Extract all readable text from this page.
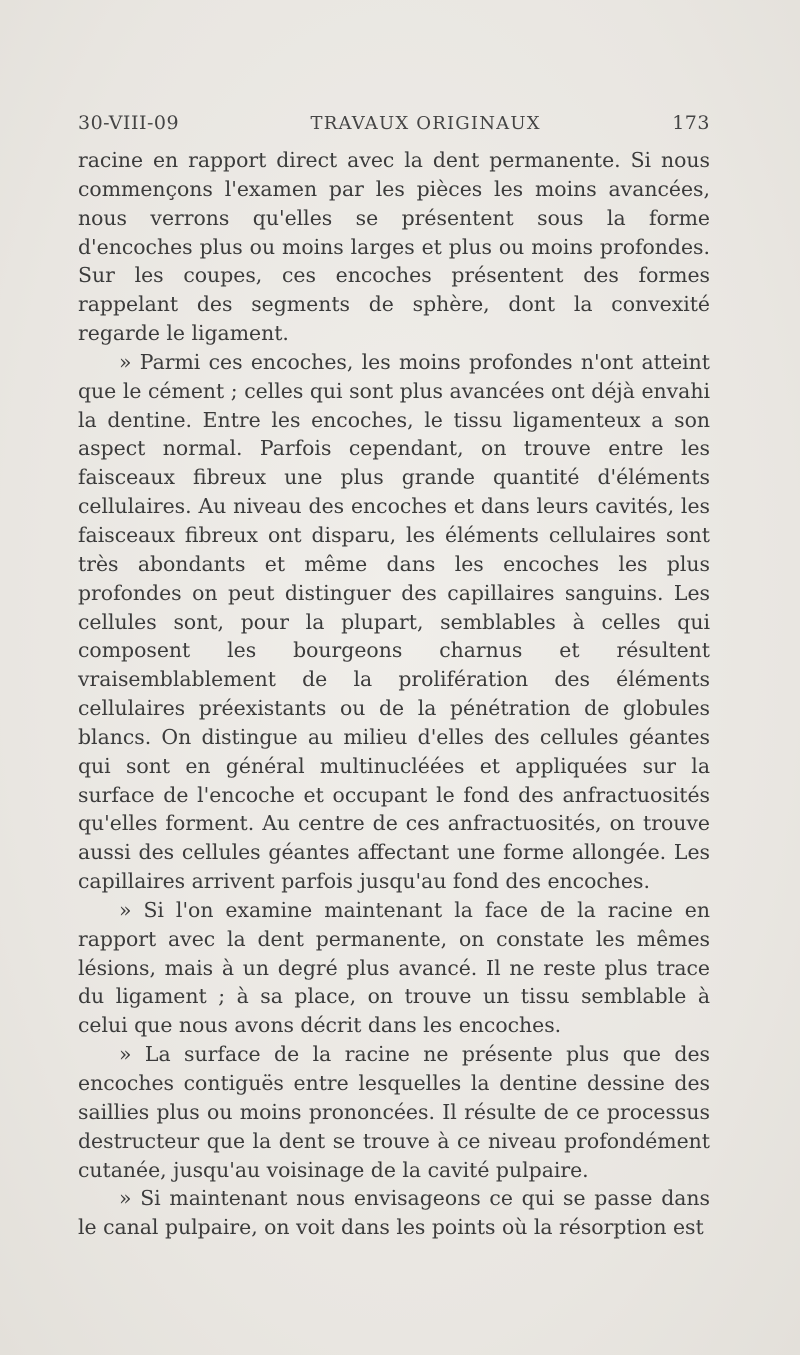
30-VIII-09	TRAVAUX ORIGINAUX	173

racine en rapport direct avec la dent permanente. Si nous commençons l'examen par les pièces les moins avancées, nous verrons qu'elles se présentent sous la forme d'encoches plus ou moins larges et plus ou moins profondes. Sur les coupes, ces encoches présentent des formes rappelant des segments de sphère, dont la convexité regarde le ligament.

» Parmi ces encoches, les moins profondes n'ont atteint que le cément ; celles qui sont plus avancées ont déjà envahi la dentine. Entre les encoches, le tissu ligamenteux a son aspect normal. Parfois cependant, on trouve entre les faisceaux fibreux une plus grande quantité d'éléments cellulaires. Au niveau des encoches et dans leurs cavités, les faisceaux fibreux ont disparu, les éléments cellulaires sont très abondants et même dans les encoches les plus profondes on peut distinguer des capillaires sanguins. Les cellules sont, pour la plupart, semblables à celles qui composent les bourgeons charnus et résultent vraisemblablement de la prolifération des éléments cellulaires préexistants ou de la pénétration de globules blancs. On distingue au milieu d'elles des cellules géantes qui sont en général multinucléées et appliquées sur la surface de l'encoche et occupant le fond des anfractuosités qu'elles forment. Au centre de ces anfractuosités, on trouve aussi des cellules géantes affectant une forme allongée. Les capillaires arrivent parfois jusqu'au fond des encoches.

» Si l'on examine maintenant la face de la racine en rapport avec la dent permanente, on constate les mêmes lésions, mais à un degré plus avancé. Il ne reste plus trace du ligament ; à sa place, on trouve un tissu semblable à celui que nous avons décrit dans les encoches.

» La surface de la racine ne présente plus que des encoches contiguës entre lesquelles la dentine dessine des saillies plus ou moins prononcées. Il résulte de ce processus destructeur que la dent se trouve à ce niveau profondément cutanée, jusqu'au voisinage de la cavité pulpaire.

» Si maintenant nous envisageons ce qui se passe dans le canal pulpaire, on voit dans les points où la résorption est
